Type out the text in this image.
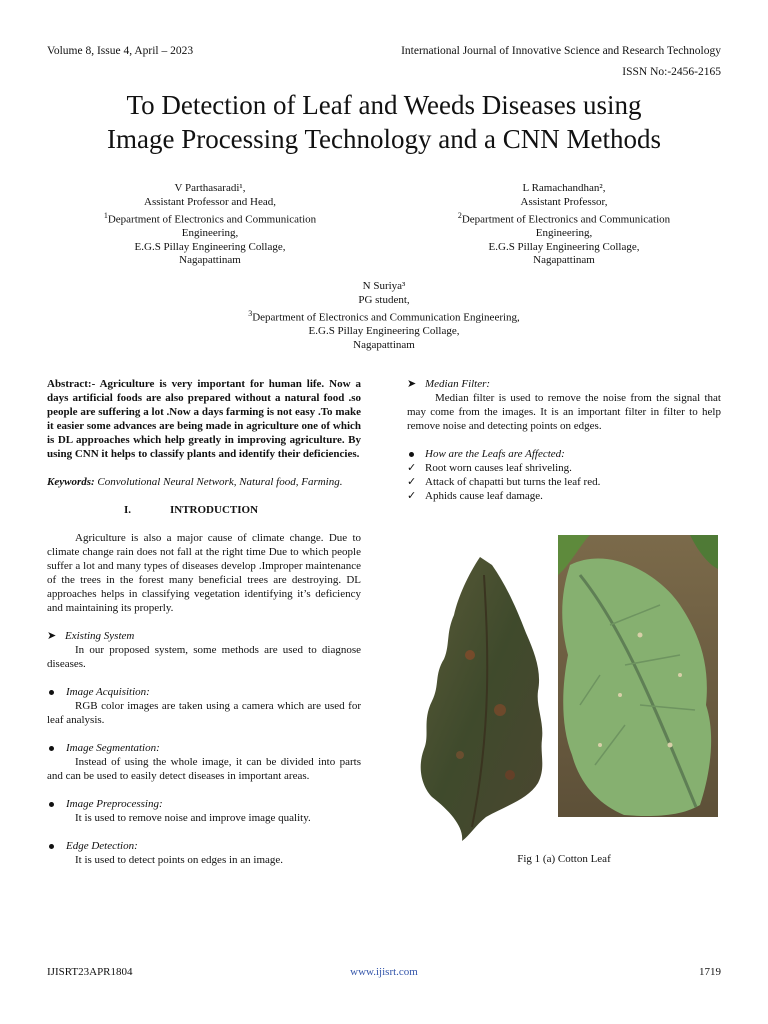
Volume 8, Issue 4, April – 2023	International Journal of Innovative Science and Research Technology
ISSN No:-2456-2165
To Detection of Leaf and Weeds Diseases using
Image Processing Technology and a CNN Methods
V Parthasaradi¹,
Assistant Professor and Head,
$^1$Department of Electronics and Communication
Engineering,
E.G.S Pillay Engineering Collage,
Nagapattinam
L Ramachandhan²,
Assistant Professor,
$^2$Department of Electronics and Communication
Engineering,
E.G.S Pillay Engineering Collage,
Nagapattinam
N Suriya³
PG student,
$^3$Department of Electronics and Communication Engineering,
E.G.S Pillay Engineering Collage,
Nagapattinam

Abstract:- Agriculture is very important for human life. Now a days artificial foods are also prepared without a natural food .so people are suffering a lot .Now a days farming is not easy .To make it easier some advances are being made in agriculture one of which is DL approaches which help greatly in improving agriculture. By using CNN it helps to classify plants and identify their deficiencies.

Keywords: Convolutional Neural Network, Natural food, Farming.

I.	INTRODUCTION

Agriculture is also a major cause of climate change. Due to climate change rain does not fall at the right time Due to which people suffer a lot and many types of diseases develop .Improper maintenance of the trees in the forest many beneficial trees are destroying. DL approaches helps in classifying vegetation identifying it’s deficiency and maintaining its properly.

➤ Existing System

In our proposed system, some methods are used to diagnose diseases.

Image Acquisition:

RGB color images are taken using a camera which are used for leaf analysis.

Image Segmentation:

Instead of using the whole image, it can be divided into parts and can be used to easily detect diseases in important areas.

Image Preprocessing:

It is used to remove noise and improve image quality.

Edge Detection:

It is used to detect points on edges in an image.

➤ Median Filter:

Median filter is used to remove the noise from the signal that may come from the images. It is an important filter in filter to help remove noise and detecting points on edges.

How are the Leafs are Affected:
✓ Root worn causes leaf shriveling.
✓ Attack of chapatti but turns the leaf red.
✓ Aphids cause leaf damage.
Fig 1 (a) Cotton Leaf
IJISRT23APR1804	www.ijisrt.com	1719
